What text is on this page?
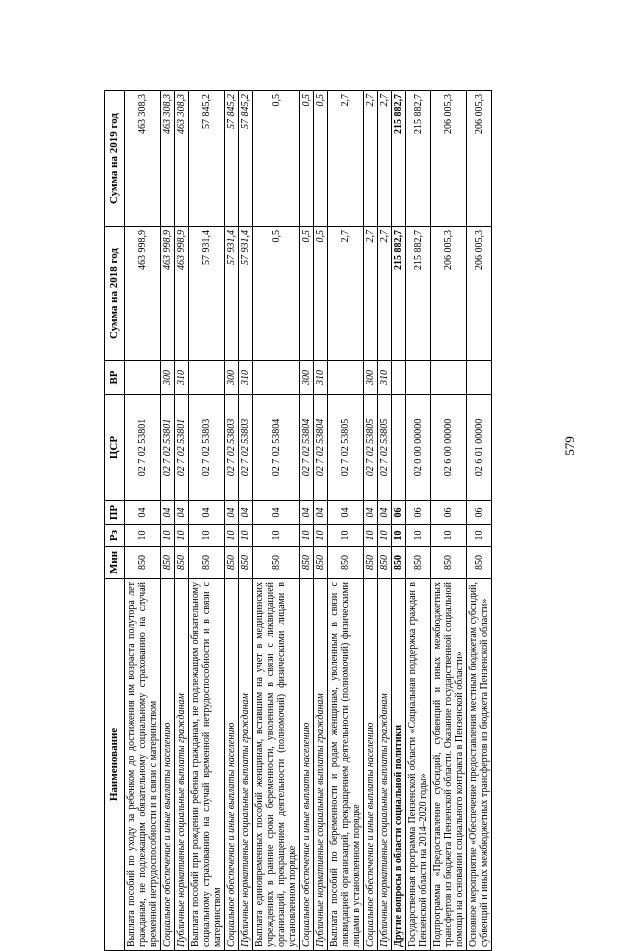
579
Наименование	Мин	Рз	ПР	ЦСР	ВР	Сумма на 2018 год	Сумма на 2019 год
Выплата пособий по уходу за ребенком до достижения им возраста полутора лет гражданам, не подлежащим обязательному социальному страхованию на случай временной нетрудоспособности и в связи с материнством	850	10	04	02 7 02 53801		463 998,9	463 308,3
Социальное обеспечение и иные выплаты населению	850	10	04	02 7 02 53801	300	463 998,9	463 308,3
Публичные нормативные социальные выплаты гражданам	850	10	04	02 7 02 53801	310	463 998,9	463 308,3
Выплата пособий при рождении ребенка гражданам, не подлежащим обязательному социальному страхованию на случай временной нетрудоспособности и в связи с материнством	850	10	04	02 7 02 53803		57 931,4	57 845,2
Социальное обеспечение и иные выплаты населению	850	10	04	02 7 02 53803	300	57 931,4	57 845,2
Публичные нормативные социальные выплаты гражданам	850	10	04	02 7 02 53803	310	57 931,4	57 845,2
Выплата единовременных пособий женщинам, вставшим на учет в медицинских учреждениях в ранние сроки беременности, уволенным в связи с ликвидацией организаций, прекращением деятельности (полномочий) физическими лицами в установленном порядке	850	10	04	02 7 02 53804		0,5	0,5
Социальное обеспечение и иные выплаты населению	850	10	04	02 7 02 53804	300	0,5	0,5
Публичные нормативные социальные выплаты гражданам	850	10	04	02 7 02 53804	310	0,5	0,5
Выплата пособий по беременности и родам женщинам, уволенным в связи с ликвидацией организаций, прекращением деятельности (полномочий) физическими лицами в установленном порядке	850	10	04	02 7 02 53805		2,7	2,7
Социальное обеспечение и иные выплаты населению	850	10	04	02 7 02 53805	300	2,7	2,7
Публичные нормативные социальные выплаты гражданам	850	10	04	02 7 02 53805	310	2,7	2,7
Другие вопросы в области социальной политики	850	10	06			215 882,7	215 882,7
Государственная программа Пензенской области «Социальная поддержка граждан в Пензенской области на 2014–2020 годы»	850	10	06	02 0 00 00000		215 882,7	215 882,7
Подпрограмма «Предоставление субсидий, субвенций и иных межбюджетных трансфертов из бюджета Пензенской области. Оказание государственной социальной помощи на основании социального контракта в Пензенской области»	850	10	06	02 6 00 00000		206 005,3	206 005,3
Основное мероприятие «Обеспечение предоставления местным бюджетам субсидий, субвенций и иных межбюджетных трансфертов из бюджета Пензенской области»	850	10	06	02 6 01 00000		206 005,3	206 005,3
